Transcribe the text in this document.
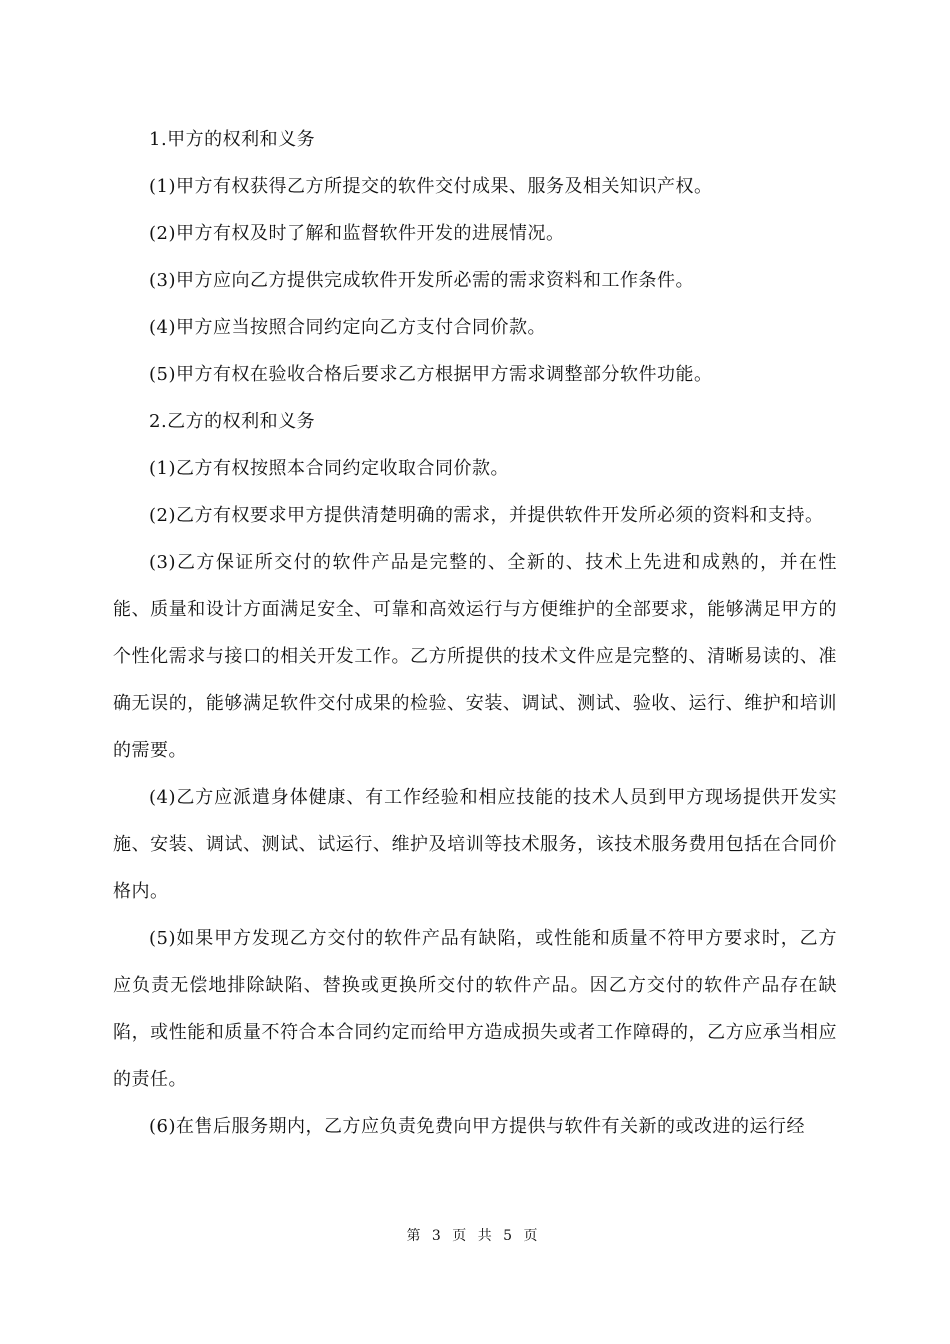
1.甲方的权利和义务

(1)甲方有权获得乙方所提交的软件交付成果、服务及相关知识产权。

(2)甲方有权及时了解和监督软件开发的进展情况。

(3)甲方应向乙方提供完成软件开发所必需的需求资料和工作条件。

(4)甲方应当按照合同约定向乙方支付合同价款。

(5)甲方有权在验收合格后要求乙方根据甲方需求调整部分软件功能。

2.乙方的权利和义务

(1)乙方有权按照本合同约定收取合同价款。

(2)乙方有权要求甲方提供清楚明确的需求，并提供软件开发所必须的资料和支持。

(3)乙方保证所交付的软件产品是完整的、全新的、技术上先进和成熟的，并在性能、质量和设计方面满足安全、可靠和高效运行与方便维护的全部要求，能够满足甲方的个性化需求与接口的相关开发工作。乙方所提供的技术文件应是完整的、清晰易读的、准确无误的，能够满足软件交付成果的检验、安装、调试、测试、验收、运行、维护和培训的需要。

(4)乙方应派遣身体健康、有工作经验和相应技能的技术人员到甲方现场提供开发实施、安装、调试、测试、试运行、维护及培训等技术服务，该技术服务费用包括在合同价格内。

(5)如果甲方发现乙方交付的软件产品有缺陷，或性能和质量不符甲方要求时，乙方应负责无偿地排除缺陷、替换或更换所交付的软件产品。因乙方交付的软件产品存在缺陷，或性能和质量不符合本合同约定而给甲方造成损失或者工作障碍的，乙方应承当相应的责任。

(6)在售后服务期内，乙方应负责免费向甲方提供与软件有关新的或改进的运行经

第 3 页 共 5 页
